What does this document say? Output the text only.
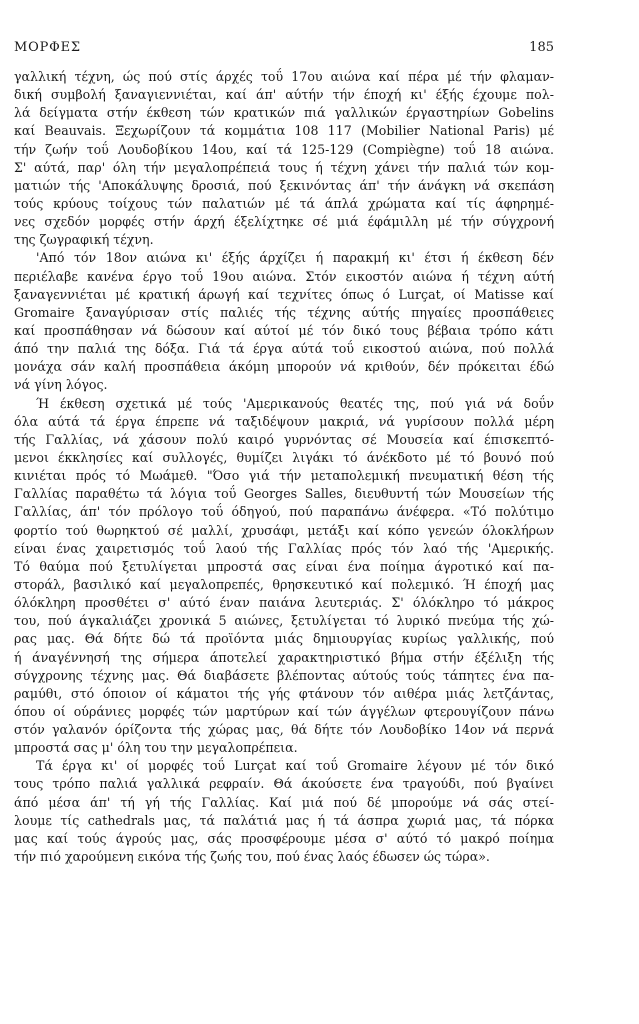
ΜΟΡΦΕΣ	185
γαλλική τέχνη, ώς πού στίς άρχές τοΰ 17ου αιώνα καί πέρα μέ τήν φλαμαν-
δική συμβολή ξαναγιεννιέται, καί άπ' αύτήν τήν έποχή κι' έξής έχουμε πολ-
λά δείγματα στήν έκθεση τών κρατικών πιά γαλλικών έργαστηρίων Gobelins
καί Beauvais. Ξεχωρίζουν τά κομμάτια 108 117 (Mobilier National Paris) μέ
τήν ζωήν τοΰ Λουδοβίκου 14ου, καί τά 125-129 (Compiègne) τοΰ 18 αιώνα.
Σ' αύτά, παρ' όλη τήν μεγαλοπρέπειά τους ή τέχνη χάνει τήν παλιά τών κομ-
ματιών τής 'Αποκάλυψης δροσιά, πού ξεκινόντας άπ' τήν άνάγκη νά σκεπάση
τούς κρύους τοίχους τών παλατιών μέ τά άπλά χρώματα καί τίς άφηρημέ-
νες σχεδόν μορφές στήν άρχή έξελίχτηκε σέ μιά έφάμιλλη μέ τήν σύγχρονή
της ζωγραφική τέχνη.
'Από τόν 18ον αιώνα κι' έξής άρχίζει ή παρακμή κι' έτσι ή έκθεση δέν
περιέλαβε κανένα έργο τοΰ 19ου αιώνα. Στόν εικοστόν αιώνα ή τέχνη αύτή
ξαναγεννιέται μέ κρατική άρωγή καί τεχνίτες όπως ό Lurçat, οί Matisse καί
Gromaire ξαναγύρισαν στίς παλιές τής τέχνης αύτής πηγαίες προσπάθειες
καί προσπάθησαν νά δώσουν καί αύτοί μέ τόν δικό τους βέβαια τρόπο κάτι
άπό την παλιά της δόξα. Γιά τά έργα αύτά τοΰ εικοστού αιώνα, πού πολλά
μονάχα σάν καλή προσπάθεια άκόμη μπορούν νά κριθούν, δέν πρόκειται έδώ
νά γίνη λόγος.
Ή έκθεση σχετικά μέ τούς 'Αμερικανούς θεατές της, πού γιά νά δοΰν
όλα αύτά τά έργα έπρεπε νά ταξιδέψουν μακριά, νά γυρίσουν πολλά μέρη
τής Γαλλίας, νά χάσουν πολύ καιρό γυρνόντας σέ Μουσεία καί έπισκεπτό-
μενοι έκκλησίες καί συλλογές, θυμίζει λιγάκι τό άνέκδοτο μέ τό βουνό πού
κινιέται πρός τό Μωάμεθ. "Όσο γιά τήν μεταπολεμική πνευματική θέση τής
Γαλλίας παραθέτω τά λόγια τοΰ Georges Salles, διευθυντή τών Μουσείων τής
Γαλλίας, άπ' τόν πρόλογο τοΰ όδηγού, πού παραπάνω άνέφερα. «Τό πολύτιμο
φορτίο τού θωρηκτού σέ μαλλί, χρυσάφι, μετάξι καί κόπο γενεών όλοκλήρων
είναι ένας χαιρετισμός τοΰ λαού τής Γαλλίας πρός τόν λαό τής 'Αμερικής.
Τό θαύμα πού ξετυλίγεται μπροστά σας είναι ένα ποίημα άγροτικό καί πα-
στοράλ, βασιλικό καί μεγαλοπρεπές, θρησκευτικό καί πολεμικό. Ή έποχή μας
όλόκληρη προσθέτει σ' αύτό έναν παιάνα λευτεριάς. Σ' όλόκληρο τό μάκρος
του, πού άγκαλιάζει χρονικά 5 αιώνες, ξετυλίγεται τό λυρικό πνεύμα τής χώ-
ρας μας. Θά δήτε δώ τά προϊόντα μιάς δημιουργίας κυρίως γαλλικής, πού
ή άναγέννησή της σήμερα άποτελεί χαρακτηριστικό βήμα στήν έξέλιξη τής
σύγχρονης τέχνης μας. Θά διαβάσετε βλέποντας αύτούς τούς τάπητες ένα πα-
ραμύθι, στό όποιον οί κάματοι τής γής φτάνουν τόν αιθέρα μιάς λετζάντας,
όπου οί ούράνιες μορφές τών μαρτύρων καί τών άγγέλων φτερουγίζουν πάνω
στόν γαλανόν όρίζοντα τής χώρας μας, θά δήτε τόν Λουδοβίκο 14ον νά περνά
μπροστά σας μ' όλη του την μεγαλοπρέπεια.
Τά έργα κι' οί μορφές τοΰ Lurçat καί τοΰ Gromaire λέγουν μέ τόν δικό
τους τρόπο παλιά γαλλικά ρεφραίν. Θά άκούσετε ένα τραγούδι, πού βγαίνει
άπό μέσα άπ' τή γή τής Γαλλίας. Καί μιά πού δέ μπορούμε νά σάς στεί-
λουμε τίς cathedrals μας, τά παλάτιά μας ή τά άσπρα χωριά μας, τά πόρκα
μας καί τούς άγρούς μας, σάς προσφέρουμε μέσα σ' αύτό τό μακρό ποίημα
τήν πιό χαρούμενη εικόνα τής ζωής του, πού ένας λαός έδωσεν ώς τώρα».
